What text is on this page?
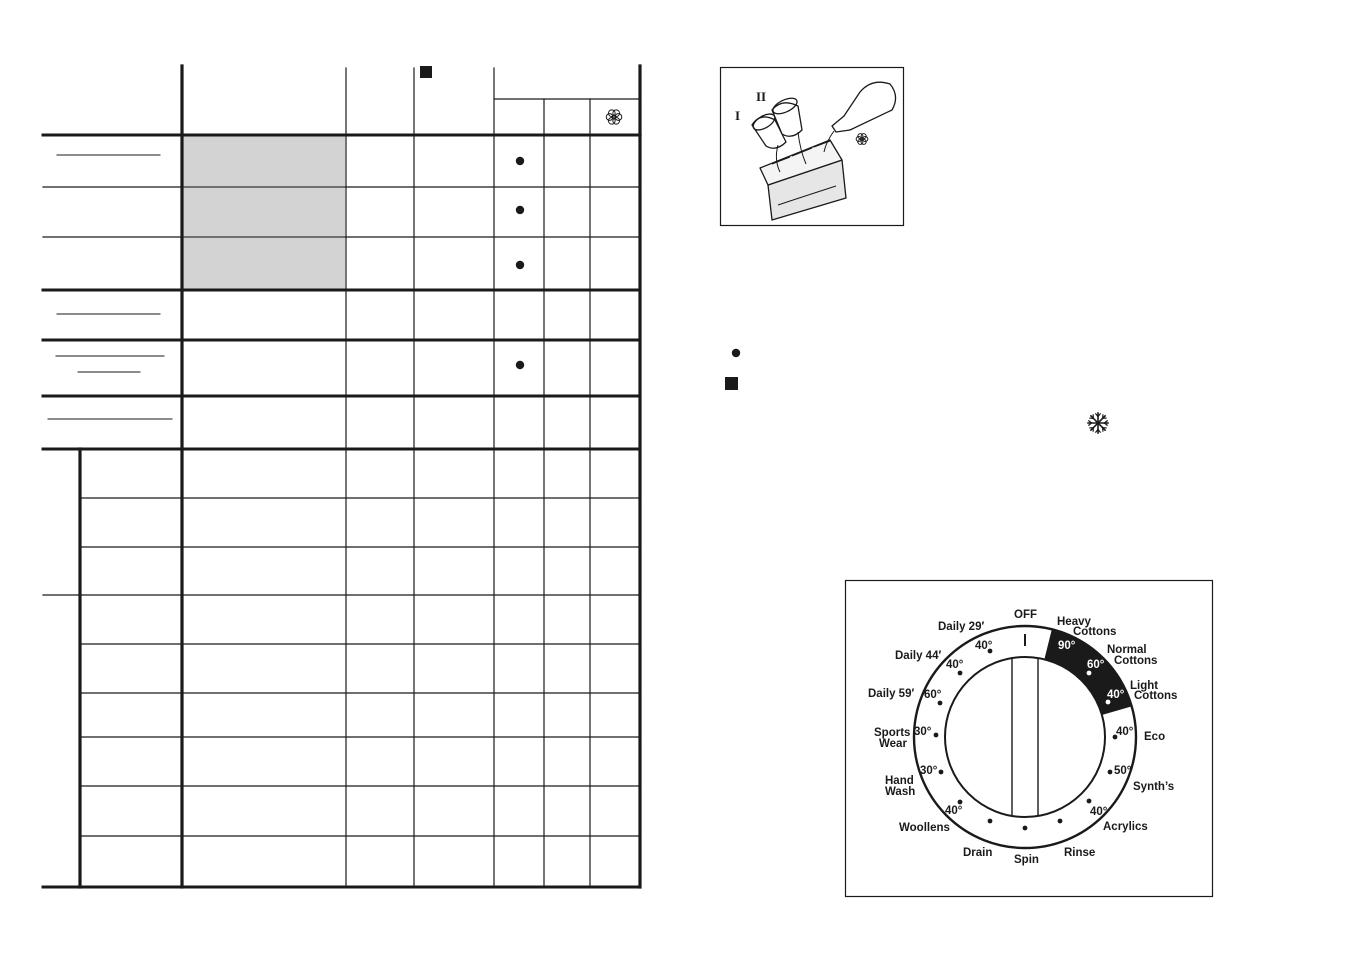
I
II
OFF
90°
Heavy
Cottons
60°
Normal
Cottons
40°
Light
Cottons
40° Eco
50°
Synth’s
40°
Acrylics
Rinse
Spin
Drain
40°
Woollens
30°
Hand
Wash
30°
Sports
Wear
60°
Daily 59′
40°
Daily 44′
40°
Daily 29′
